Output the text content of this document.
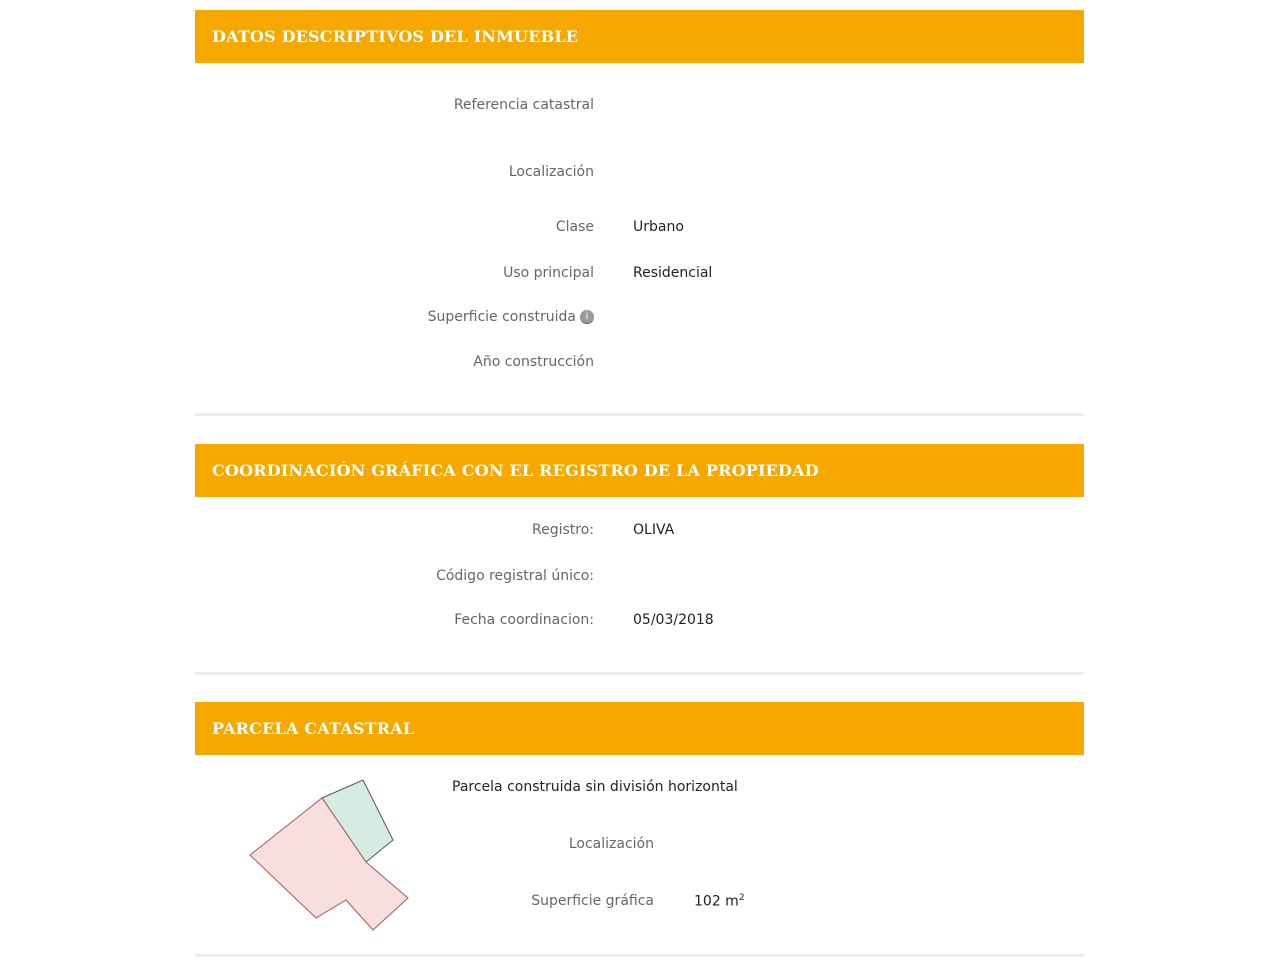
DATOS DESCRIPTIVOS DEL INMUEBLE
Referencia catastral
Localización
Clase	Urbano
Uso principal	Residencial
Superficie construida i
Año construcción
COORDINACIÓN GRÁFICA CON EL REGISTRO DE LA PROPIEDAD
Registro:	OLIVA
Código registral único:
Fecha coordinacion:	05/03/2018
PARCELA CATASTRAL
Parcela construida sin división horizontal
Localización
Superficie gráfica	102 $m^2$
